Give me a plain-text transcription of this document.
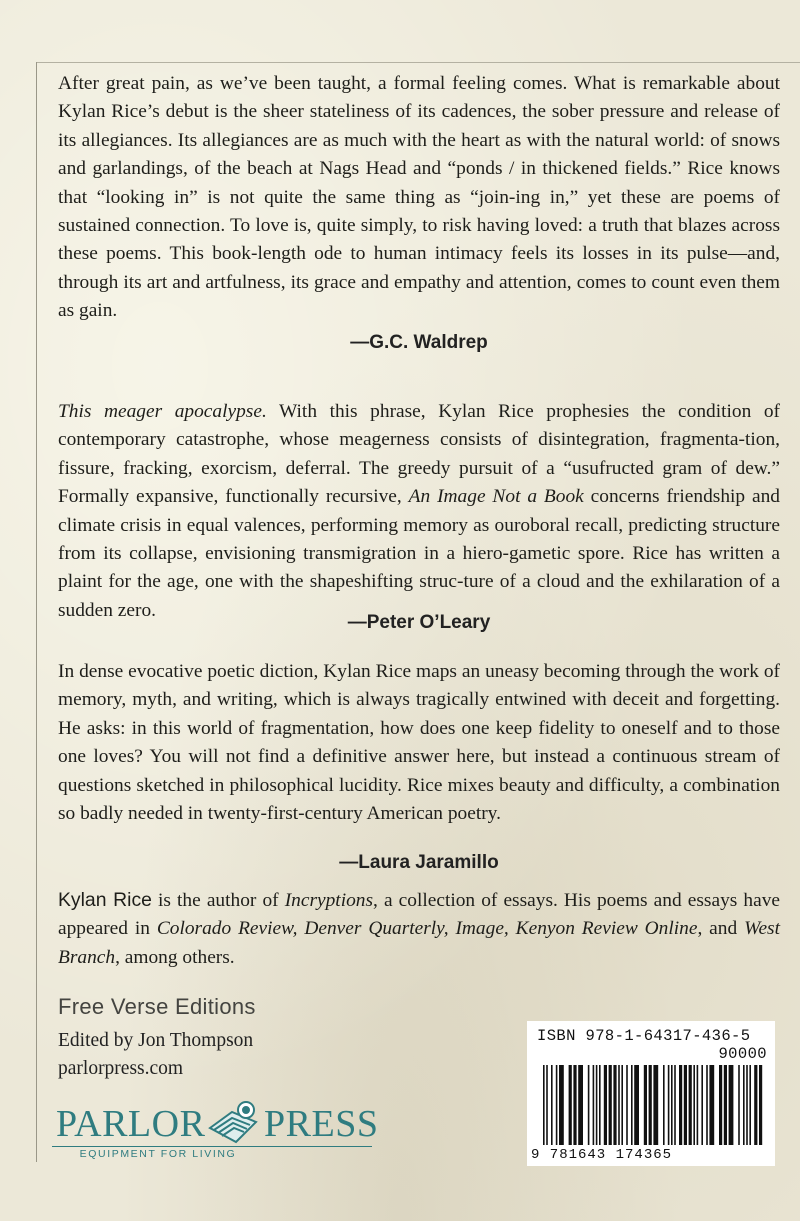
After great pain, as we’ve been taught, a formal feeling comes. What is remarkable about Kylan Rice’s debut is the sheer stateliness of its cadences, the sober pressure and release of its allegiances. Its allegiances are as much with the heart as with the natural world: of snows and garlandings, of the beach at Nags Head and “ponds / in thickened fields.” Rice knows that “looking in” is not quite the same thing as “join-ing in,” yet these are poems of sustained connection. To love is, quite simply, to risk having loved: a truth that blazes across these poems. This book-length ode to human intimacy feels its losses in its pulse—and, through its art and artfulness, its grace and empathy and attention, comes to count even them as gain.

—G.C. Waldrep

This meager apocalypse. With this phrase, Kylan Rice prophesies the condition of contemporary catastrophe, whose meagerness consists of disintegration, fragmenta-tion, fissure, fracking, exorcism, deferral. The greedy pursuit of a “usufructed gram of dew.” Formally expansive, functionally recursive, An Image Not a Book concerns friendship and climate crisis in equal valences, performing memory as ouroboral recall, predicting structure from its collapse, envisioning transmigration in a hiero-gametic spore. Rice has written a plaint for the age, one with the shapeshifting struc-ture of a cloud and the exhilaration of a sudden zero.

—Peter O’Leary

In dense evocative poetic diction, Kylan Rice maps an uneasy becoming through the work of memory, myth, and writing, which is always tragically entwined with deceit and forgetting. He asks: in this world of fragmentation, how does one keep fidelity to oneself and to those one loves? You will not find a definitive answer here, but instead a continuous stream of questions sketched in philosophical lucidity. Rice mixes beauty and difficulty, a combination so badly needed in twenty-first-century American poetry.

—Laura Jaramillo

Kylan Rice is the author of Incryptions, a collection of essays. His poems and essays have appeared in Colorado Review, Denver Quarterly, Image, Kenyon Review Online, and West Branch, among others.

Free Verse Editions
Edited by Jon Thompson
parlorpress.com
PARLOR PRESS
EQUIPMENT FOR LIVING
ISBN 978-1-64317-436-5
90000
9 781643 174365
